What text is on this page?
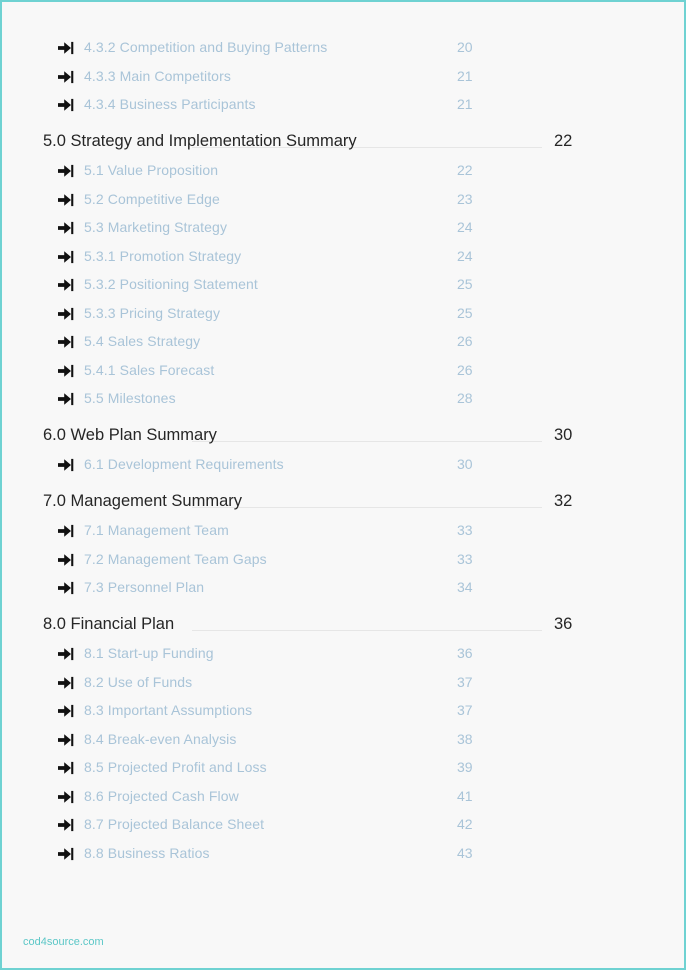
4.3.2 Competition and Buying Patterns	20
4.3.3 Main Competitors	21
4.3.4 Business Participants	21
5.0 Strategy and Implementation Summary	22
5.1 Value Proposition	22
5.2 Competitive Edge	23
5.3 Marketing Strategy	24
5.3.1 Promotion Strategy	24
5.3.2 Positioning Statement	25
5.3.3 Pricing Strategy	25
5.4 Sales Strategy	26
5.4.1 Sales Forecast	26
5.5 Milestones	28
6.0 Web Plan Summary	30
6.1 Development Requirements	30
7.0 Management Summary	32
7.1 Management Team	33
7.2 Management Team Gaps	33
7.3 Personnel Plan	34
8.0 Financial Plan	36
8.1 Start-up Funding	36
8.2 Use of Funds	37
8.3 Important Assumptions	37
8.4 Break-even Analysis	38
8.5 Projected Profit and Loss	39
8.6 Projected Cash Flow	41
8.7 Projected Balance Sheet	42
8.8 Business Ratios	43
cod4source.com
